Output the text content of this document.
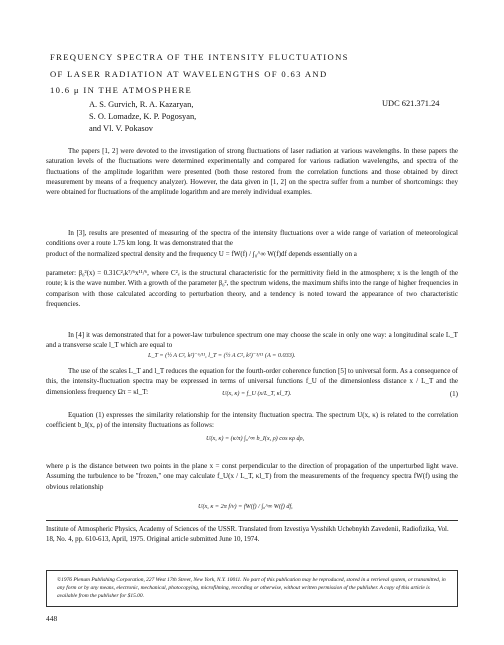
FREQUENCY SPECTRA OF THE INTENSITY FLUCTUATIONS
OF LASER RADIATION AT WAVELENGTHS OF 0.63 AND
10.6 μ IN THE ATMOSPHERE
A. S. Gurvich, R. A. Kazaryan,
S. O. Lomadze, K. P. Pogosyan,
and Vl. V. Pokasov
UDC 621.371.24

The papers [1, 2] were devoted to the investigation of strong fluctuations of laser radiation at various wavelengths. In these papers the saturation levels of the fluctuations were determined experimentally and compared for various radiation wavelengths, and spectra of the fluctuations of the amplitude logarithm were presented (both those restored from the correlation functions and those obtained by direct measurement by means of a frequency analyzer). However, the data given in [1, 2] on the spectra suffer from a number of shortcomings: they were obtained for fluctuations of the amplitude logarithm and are merely individual examples.

In [3], results are presented of measuring of the spectra of the intensity fluctuations over a wide range of variation of meteorological conditions over a route 1.75 km long. It was demonstrated that the

product of the normalized spectral density and the frequency U = fW(f) / ∫₀^∞ W(f)df depends essentially on a

parameter: β₀²(x) = 0.31C²ₑk⁷/⁶x¹¹/⁶, where C²ₑ is the structural characteristic for the permittivity field in the atmosphere; x is the length of the route; k is the wave number. With a growth of the parameter β₀², the spectrum widens, the maximum shifts into the range of higher frequencies in comparison with those calculated according to perturbation theory, and a tendency is noted toward the appearance of two characteristic frequencies.

In [4] it was demonstrated that for a power-law turbulence spectrum one may choose the scale in only one way: a longitudinal scale L_T and a transverse scale l_T which are equal to

L_T = (½ A C²ₑ k²)⁻⁶/¹¹, l_T = (½ A C²ₑ k²)⁻³/¹¹ (A = 0.033).

The use of the scales L_T and l_T reduces the equation for the fourth-order coherence function [5] to universal form. As a consequence of this, the intensity-fluctuation spectra may be expressed in terms of universal functions f_U of the dimensionless distance x / L_T and the dimensionless frequency Ωτ = κl_T:	U(x, κ) = f_U (x/L_T, κl_T).	(1)

Equation (1) expresses the similarity relationship for the intensity fluctuation spectra. The spectrum U(x, κ) is related to the correlation coefficient b_I(x, ρ) of the intensity fluctuations as follows:

U(x, κ) = (κ/π) ∫₀^∞ b_I(x, ρ) cos κρ dρ,

where ρ is the distance between two points in the plane x = const perpendicular to the direction of propagation of the unperturbed light wave. Assuming the turbulence to be "frozen," one may calculate f_U(x / L_T, κl_T) from the measurements of the frequency spectra fW(f) using the obvious relationship

U(x, κ = 2π f/v) = fW(f) / ∫₀^∞ W(f) df,
Institute of Atmospheric Physics, Academy of Sciences of the USSR. Translated from Izvestiya Vysshikh Uchebnykh Zavedenii, Radiofizika, Vol. 18, No. 4, pp. 610-613, April, 1975. Original article submitted June 10, 1974.
©1976 Plenum Publishing Corporation, 227 West 17th Street, New York, N.Y. 10011. No part of this publication may be reproduced, stored in a retrieval system, or transmitted, in any form or by any means, electronic, mechanical, photocopying, microfilming, recording or otherwise, without written permission of the publisher. A copy of this article is available from the publisher for $15.00.
448
